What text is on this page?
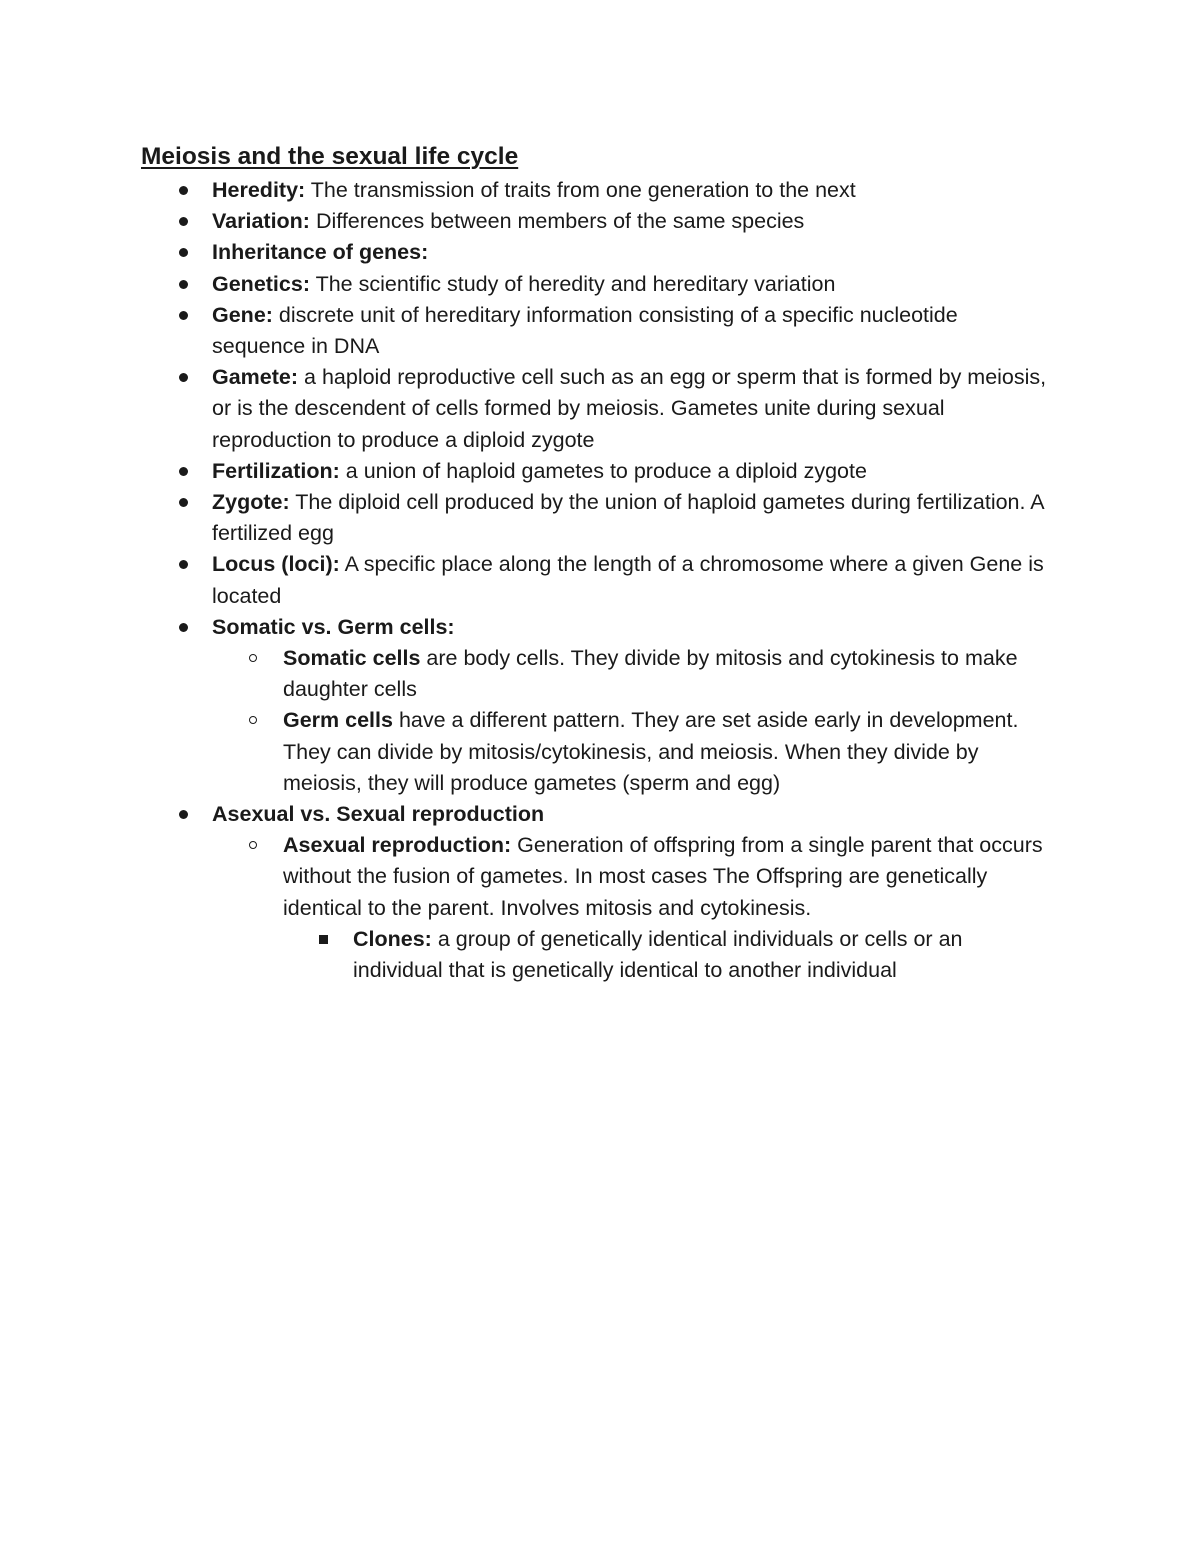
Meiosis and the sexual life cycle
Heredity: The transmission of traits from one generation to the next
Variation: Differences between members of the same species
Inheritance of genes:
Genetics: The scientific study of heredity and hereditary variation
Gene: discrete unit of hereditary information consisting of a specific nucleotide sequence in DNA
Gamete: a haploid reproductive cell such as an egg or sperm that is formed by meiosis, or is the descendent of cells formed by meiosis. Gametes unite during sexual reproduction to produce a diploid zygote
Fertilization: a union of haploid gametes to produce a diploid zygote
Zygote: The diploid cell produced by the union of haploid gametes during fertilization. A fertilized egg
Locus (loci): A specific place along the length of a chromosome where a given Gene is located
Somatic vs. Germ cells:
Somatic cells are body cells. They divide by mitosis and cytokinesis to make daughter cells
Germ cells have a different pattern. They are set aside early in development. They can divide by mitosis/cytokinesis, and meiosis. When they divide by meiosis, they will produce gametes (sperm and egg)
Asexual vs. Sexual reproduction
Asexual reproduction: Generation of offspring from a single parent that occurs without the fusion of gametes. In most cases The Offspring are genetically identical to the parent. Involves mitosis and cytokinesis.
Clones: a group of genetically identical individuals or cells or an individual that is genetically identical to another individual
